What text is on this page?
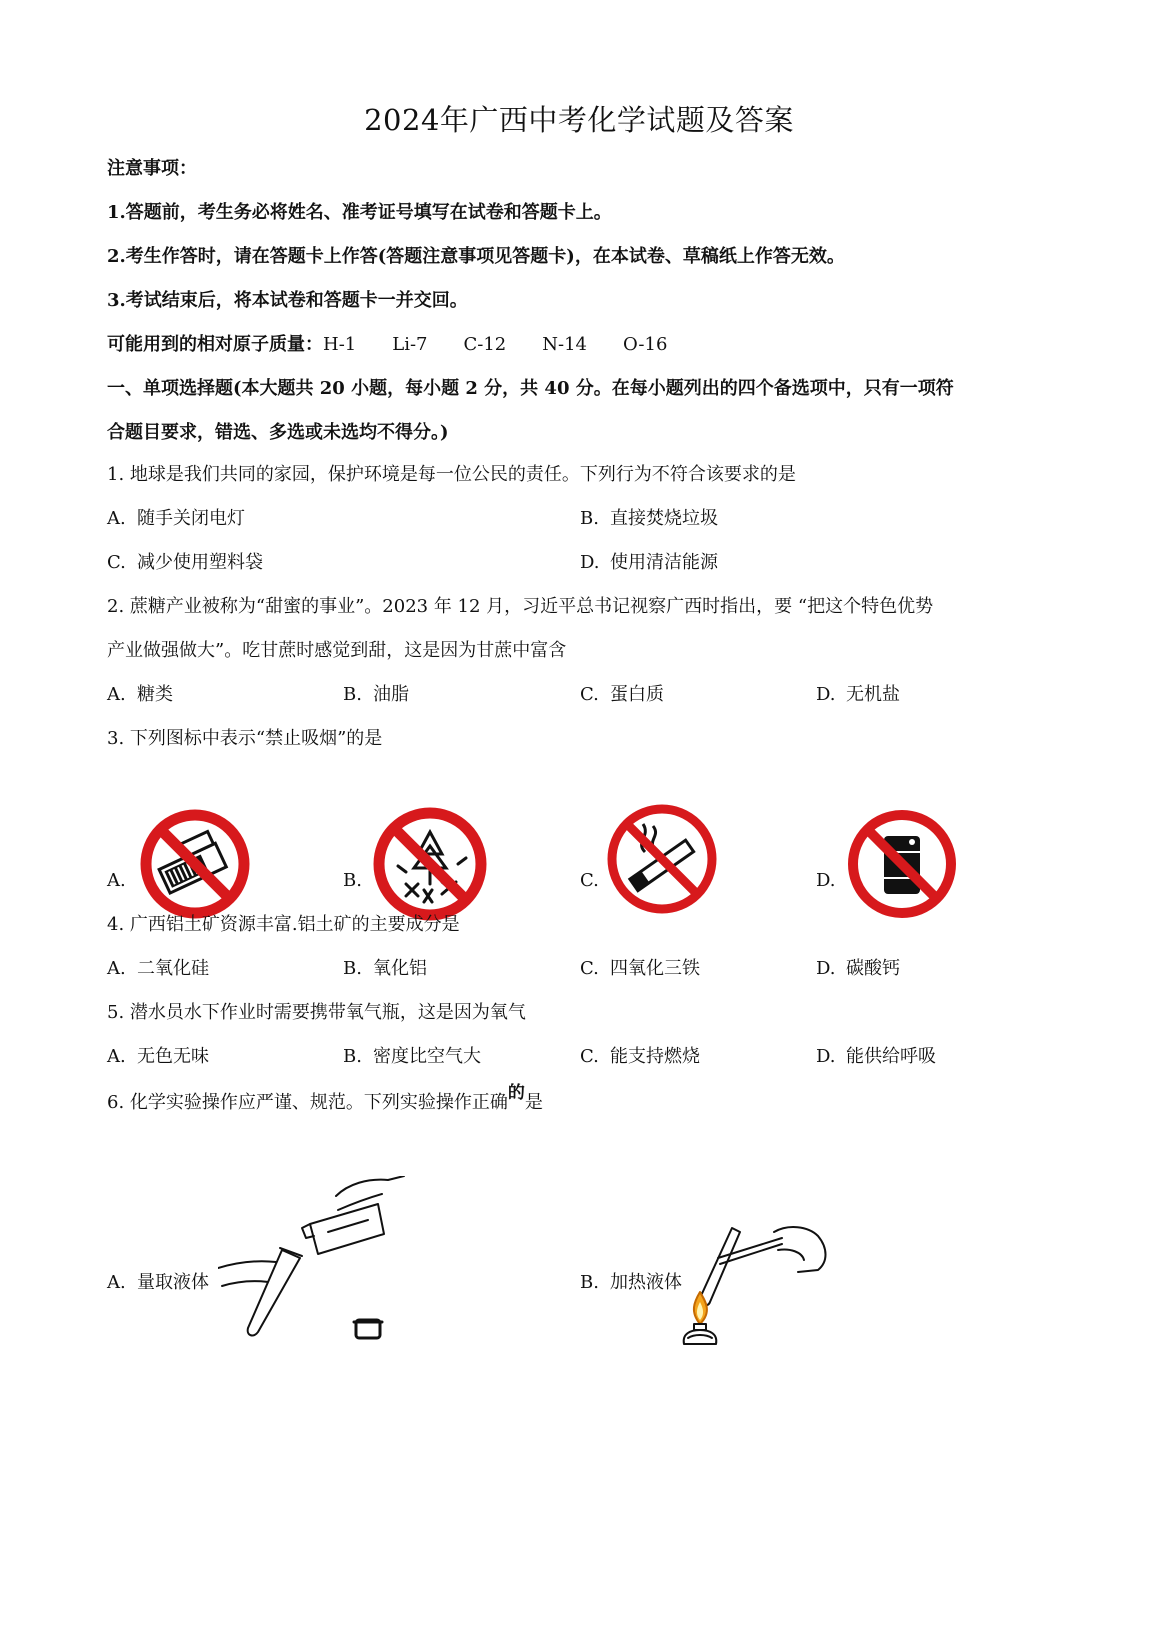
2024年广西中考化学试题及答案
注意事项：
1.答题前，考生务必将姓名、准考证号填写在试卷和答题卡上。
2.考生作答时，请在答题卡上作答(答题注意事项见答题卡)，在本试卷、草稿纸上作答无效。
3.考试结束后，将本试卷和答题卡一并交回。
可能用到的相对原子质量：H-1 Li-7 C-12 N-14 O-16
一、单项选择题(本大题共 20 小题，每小题 2 分，共 40 分。在每小题列出的四个备选项中，只有一项符
合题目要求，错选、多选或未选均不得分。)
1. 地球是我们共同的家园，保护环境是每一位公民的责任。下列行为不符合该要求的是
A. 随手关闭电灯	B. 直接焚烧垃圾
C. 减少使用塑料袋	D. 使用清洁能源
2. 蔗糖产业被称为“甜蜜的事业”。2023 年 12 月，习近平总书记视察广西时指出，要 “把这个特色优势
产业做强做大”。吃甘蔗时感觉到甜，这是因为甘蔗中富含
A. 糖类	B. 油脂	C. 蛋白质	D. 无机盐
3. 下列图标中表示“禁止吸烟”的是
A.	B.	C.	D.
4. 广西铝土矿资源丰富.铝土矿的主要成分是
A. 二氧化硅	B. 氧化铝	C. 四氧化三铁	D. 碳酸钙
5. 潜水员水下作业时需要携带氧气瓶，这是因为氧气
A. 无色无味	B. 密度比空气大	C. 能支持燃烧	D. 能供给呼吸
6. 化学实验操作应严谨、规范。下列实验操作正确的是
A. 量取液体	B. 加热液体
